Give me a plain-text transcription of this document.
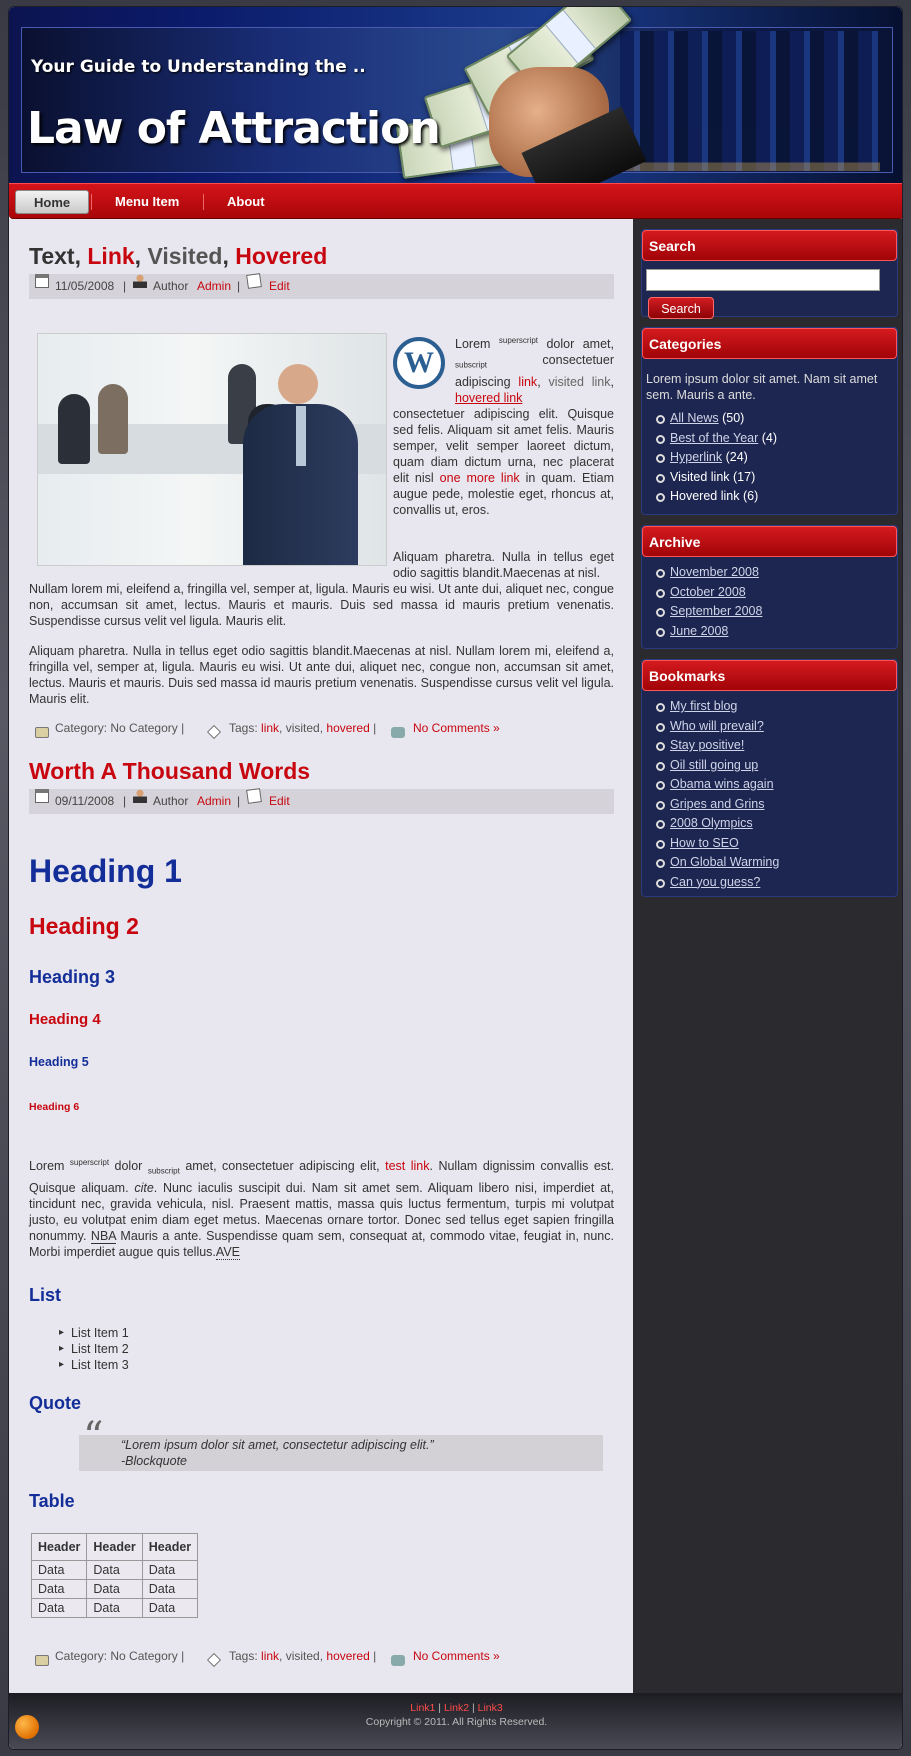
Your Guide to Understanding the ..
Law of Attraction
Home	Menu Item	About
Text, Link, Visited, Hovered
11/05/2008 | Author Admin | Edit
W
Lorem $^{superscript}$ dolor amet, $_{subscript}$	consectetuer adipiscing link, visited link, hovered link
consectetuer adipiscing elit. Quisque sed felis. Aliquam sit amet felis. Mauris semper, velit semper laoreet dictum, quam diam dictum urna, nec placerat elit nisl one more link in quam. Etiam augue pede, molestie eget, rhoncus at, convallis ut, eros.
Aliquam pharetra. Nulla in tellus eget odio sagittis blandit.Maecenas at nisl.
Nullam lorem mi, eleifend a, fringilla vel, semper at, ligula. Mauris eu wisi. Ut ante dui, aliquet nec, congue non, accumsan sit amet, lectus. Mauris et mauris. Duis sed massa id mauris pretium venenatis. Suspendisse cursus velit vel ligula. Mauris elit.
Aliquam pharetra. Nulla in tellus eget odio sagittis blandit.Maecenas at nisl. Nullam lorem mi, eleifend a, fringilla vel, semper at, ligula. Mauris eu wisi. Ut ante dui, aliquet nec, congue non, accumsan sit amet, lectus. Mauris et mauris. Duis sed massa id mauris pretium venenatis. Suspendisse cursus velit vel ligula. Mauris elit.
Category: No Category |	Tags: link, visited, hovered |	No Comments »
Worth A Thousand Words
09/11/2008 | Author Admin | Edit
Heading 1
Heading 2
Heading 3
Heading 4
Heading 5
Heading 6
Lorem $^{superscript}$ dolor $_{subscript}$ amet, consectetuer adipiscing elit, test link. Nullam dignissim convallis est. Quisque aliquam. cite. Nunc iaculis suscipit dui. Nam sit amet sem. Aliquam libero nisi, imperdiet at, tincidunt nec, gravida vehicula, nisl. Praesent mattis, massa quis luctus fermentum, turpis mi volutpat justo, eu volutpat enim diam eget metus. Maecenas ornare tortor. Donec sed tellus eget sapien fringilla nonummy. NBA Mauris a ante. Suspendisse quam sem, consequat at, commodo vitae, feugiat in, nunc. Morbi imperdiet augue quis tellus.AVE
List
▸ List Item 1
▸ List Item 2
▸ List Item 3
Quote
“ “Lorem ipsum dolor sit amet, consectetur adipiscing elit.”
-Blockquote
Table
Header	Header	Header
Data	Data	Data
Data	Data	Data
Data	Data	Data
Category: No Category |	Tags: link, visited, hovered |	No Comments »
Search
Search
Categories
Lorem ipsum dolor sit amet. Nam sit amet sem. Mauris a ante.
All News (50)
Best of the Year (4)
Hyperlink (24)
Visited link (17)
Hovered link (6)
Archive
November 2008
October 2008
September 2008
June 2008
Bookmarks
My first blog
Who will prevail?
Stay positive!
Oil still going up
Obama wins again
Gripes and Grins
2008 Olympics
How to SEO
On Global Warming
Can you guess?
Link1 | Link2 | Link3
Copyright © 2011. All Rights Reserved.
